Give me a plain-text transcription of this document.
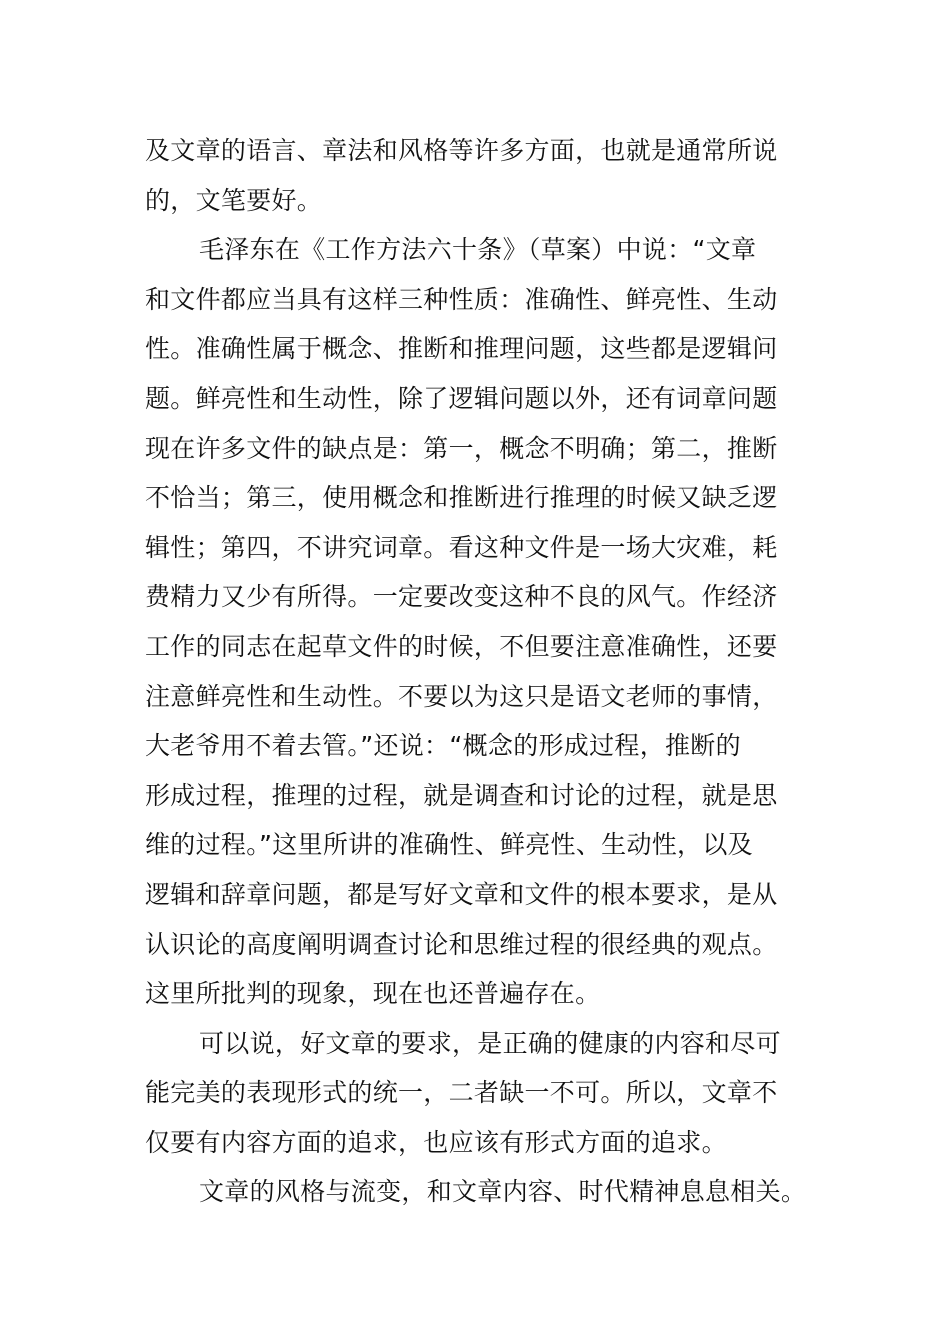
及文章的语言、章法和风格等许多方面，也就是通常所说
的，文笔要好。
毛泽东在《工作方法六十条》（草案）中说：“文章
和文件都应当具有这样三种性质：准确性、鲜亮性、生动
性。准确性属于概念、推断和推理问题，这些都是逻辑问
题。鲜亮性和生动性，除了逻辑问题以外，还有词章问题
现在许多文件的缺点是：第一，概念不明确；第二，推断
不恰当；第三，使用概念和推断进行推理的时候又缺乏逻
辑性；第四，不讲究词章。看这种文件是一场大灾难，耗
费精力又少有所得。一定要改变这种不良的风气。作经济
工作的同志在起草文件的时候，不但要注意准确性，还要
注意鲜亮性和生动性。不要以为这只是语文老师的事情，
大老爷用不着去管。”还说：“概念的形成过程，推断的
形成过程，推理的过程，就是调查和讨论的过程，就是思
维的过程。”这里所讲的准确性、鲜亮性、生动性，以及
逻辑和辞章问题，都是写好文章和文件的根本要求，是从
认识论的高度阐明调查讨论和思维过程的很经典的观点。
这里所批判的现象，现在也还普遍存在。
可以说，好文章的要求，是正确的健康的内容和尽可
能完美的表现形式的统一，二者缺一不可。所以，文章不
仅要有内容方面的追求，也应该有形式方面的追求。
文章的风格与流变，和文章内容、时代精神息息相关。
